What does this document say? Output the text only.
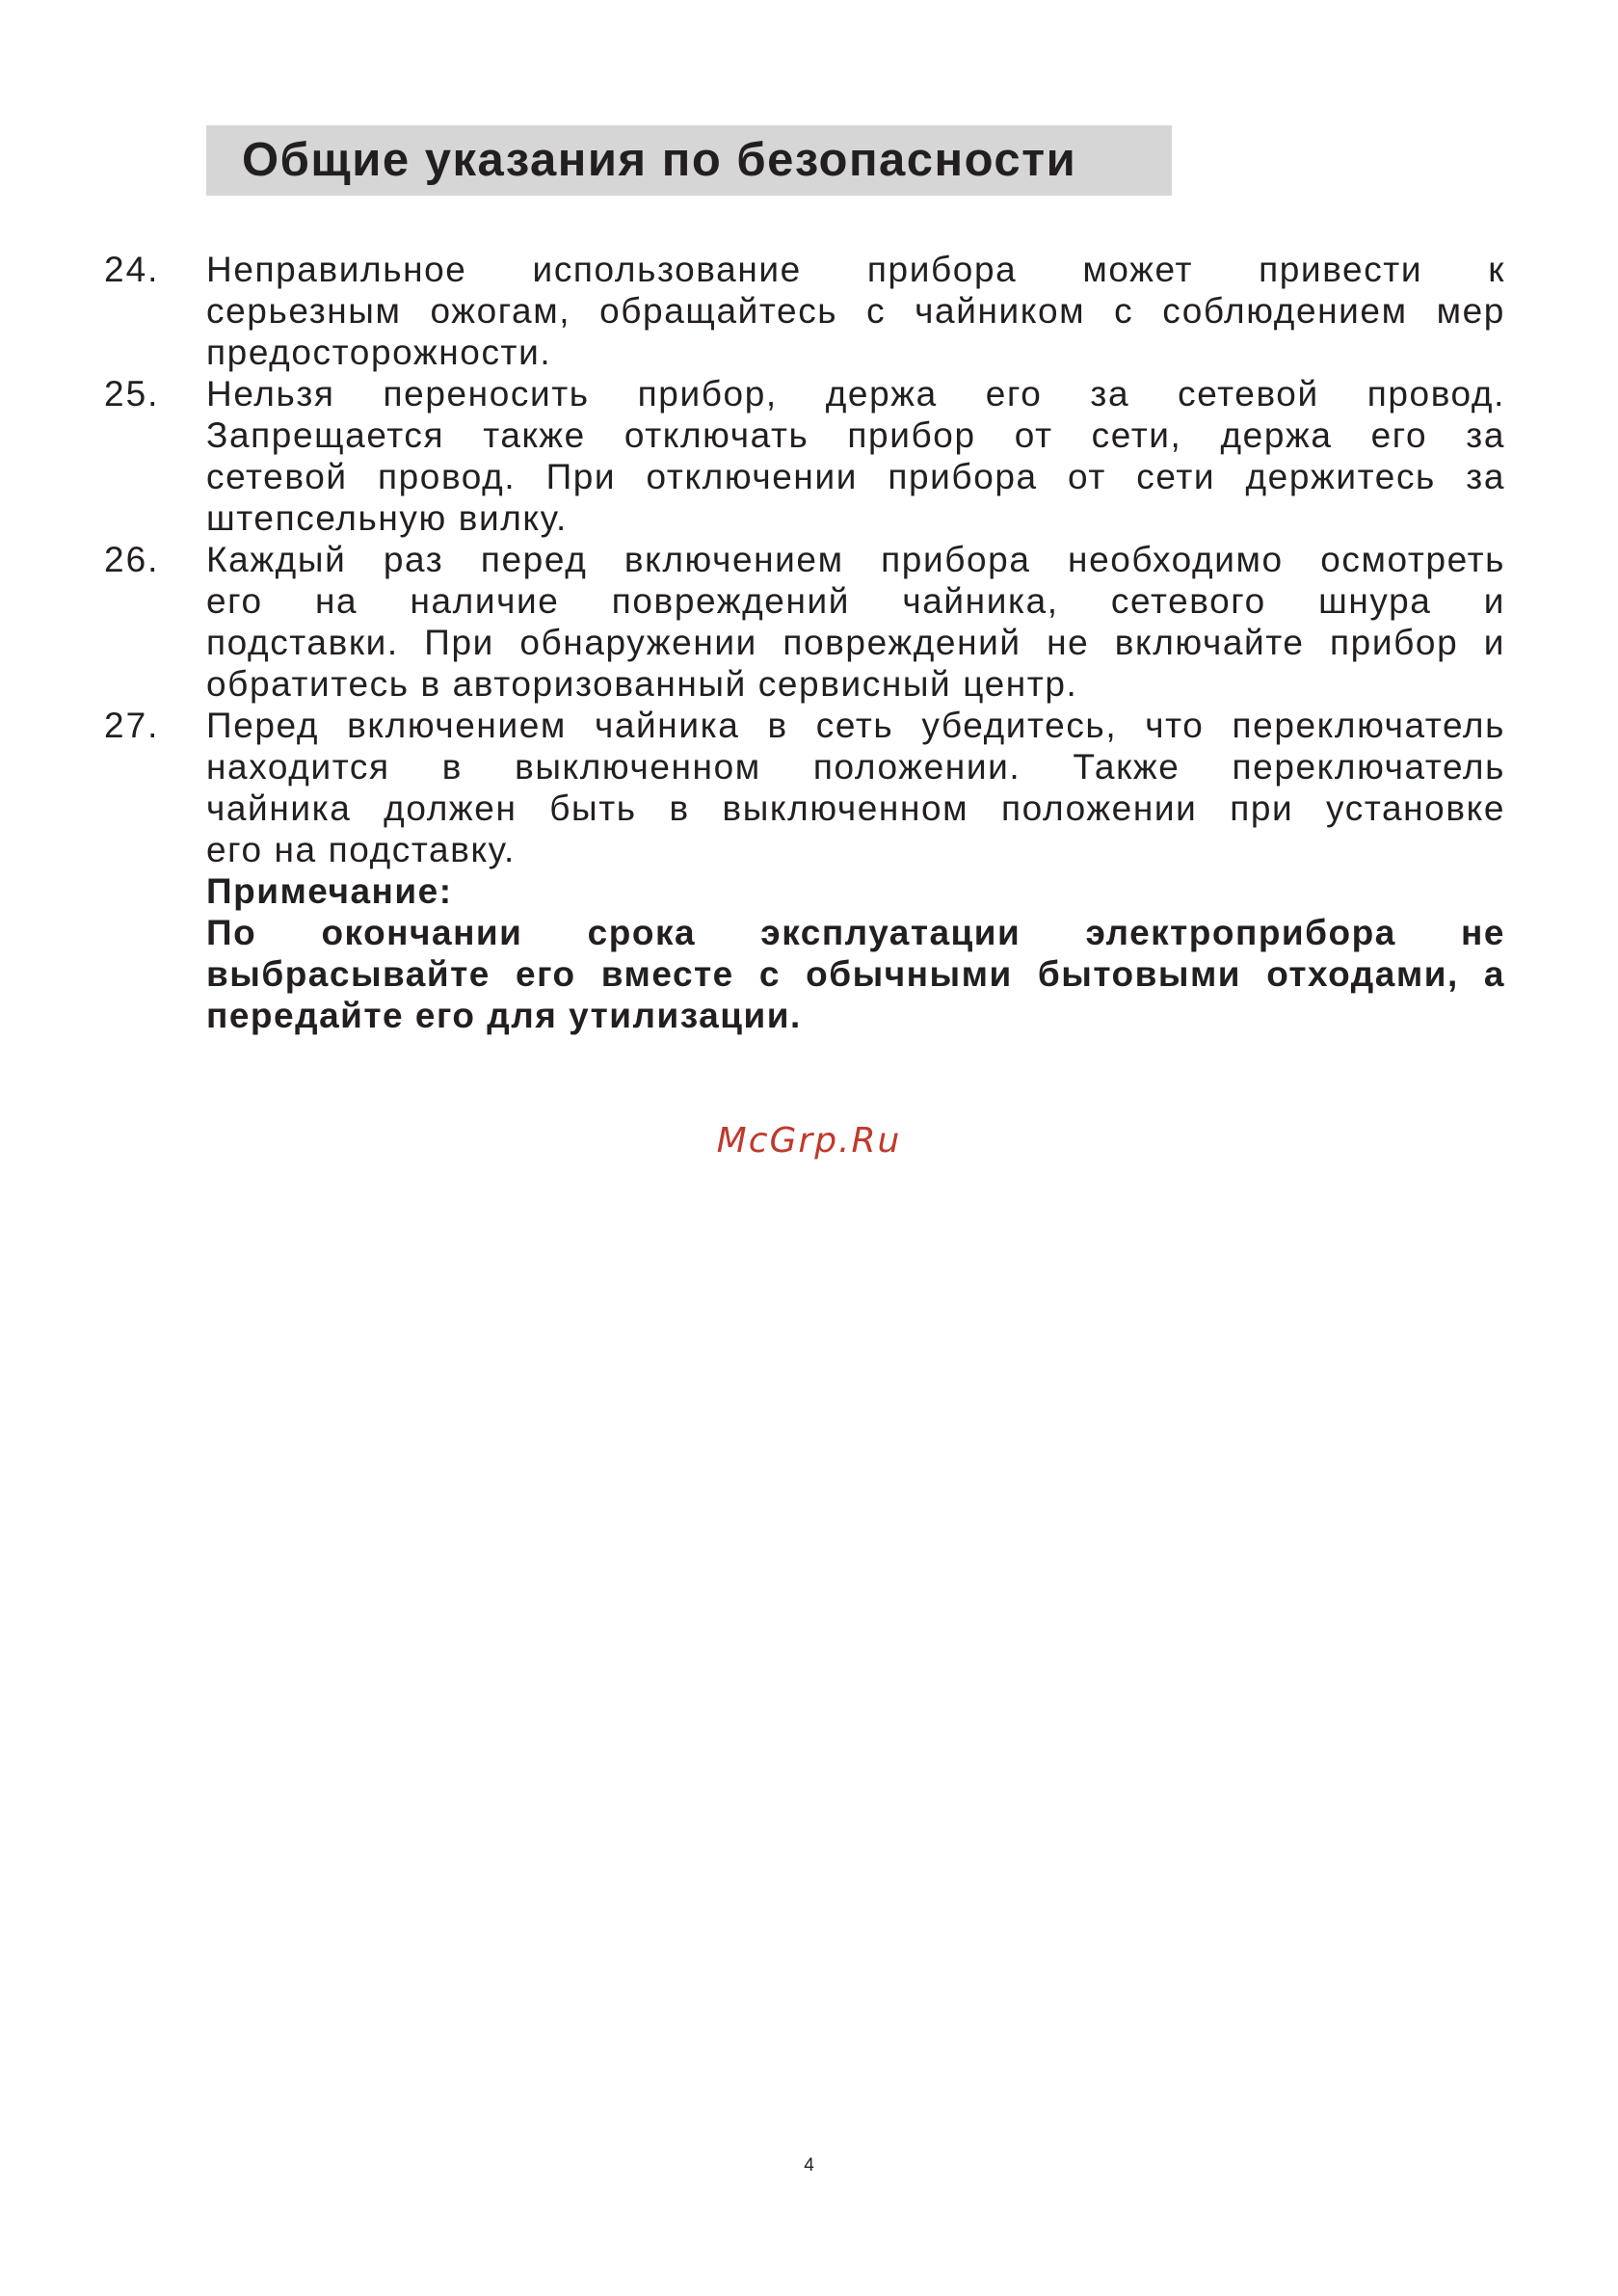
Общие указания по безопасности
24. Неправильное использование прибора может привести к
серьезным ожогам, обращайтесь с чайником с соблюдением мер
предосторожности.
25. Нельзя переносить прибор, держа его за сетевой провод.
Запрещается также отключать прибор от сети, держа его за
сетевой провод. При отключении прибора от сети держитесь за
штепсельную вилку.
26. Каждый раз перед включением прибора необходимо осмотреть
его на наличие повреждений чайника, сетевого шнура и
подставки. При обнаружении повреждений не включайте прибор и
обратитесь в авторизованный сервисный центр.
27. Перед включением чайника в сеть убедитесь, что переключатель
находится в выключенном положении. Также переключатель
чайника должен быть в выключенном положении при установке
его на подставку.
Примечание:
По окончании срока эксплуатации электроприбора не
выбрасывайте его вместе с обычными бытовыми отходами, а
передайте его для утилизации.
McGrp.Ru
4
